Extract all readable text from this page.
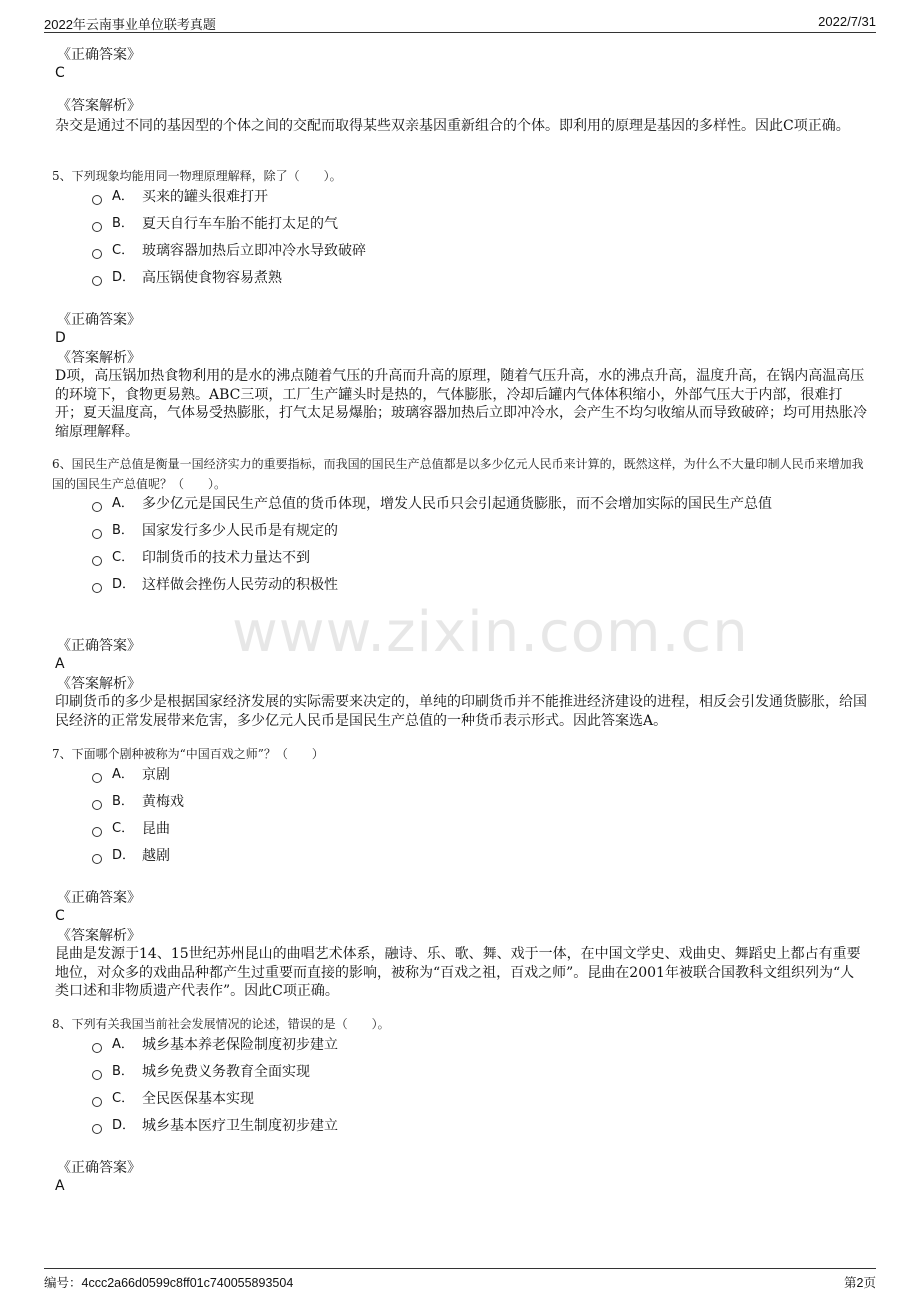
2022年云南事业单位联考真题	2022/7/31
www.zixin.com.cn
《正确答案》
C
《答案解析》
杂交是通过不同的基因型的个体之间的交配而取得某些双亲基因重新组合的个体。即利用的原理是基因的多样性。因此C项正确。
5、下列现象均能用同一物理原理解释，除了（　　）。
A． 买来的罐头很难打开
B． 夏天自行车车胎不能打太足的气
C． 玻璃容器加热后立即冲冷水导致破碎
D． 高压锅使食物容易煮熟
《正确答案》
D
《答案解析》
D项，高压锅加热食物利用的是水的沸点随着气压的升高而升高的原理，随着气压升高，水的沸点升高，温度升高，在锅内高温高压的环境下，食物更易熟。ABC三项，工厂生产罐头时是热的，气体膨胀，冷却后罐内气体体积缩小，外部气压大于内部，很难打开；夏天温度高，气体易受热膨胀，打气太足易爆胎；玻璃容器加热后立即冲冷水，会产生不均匀收缩从而导致破碎；均可用热胀冷缩原理解释。
6、国民生产总值是衡量一国经济实力的重要指标，而我国的国民生产总值都是以多少亿元人民币来计算的，既然这样，为什么不大量印制人民币来增加我国的国民生产总值呢？（　　）。
A． 多少亿元是国民生产总值的货币体现，增发人民币只会引起通货膨胀，而不会增加实际的国民生产总值
B． 国家发行多少人民币是有规定的
C． 印制货币的技术力量达不到
D． 这样做会挫伤人民劳动的积极性
《正确答案》
A
《答案解析》
印刷货币的多少是根据国家经济发展的实际需要来决定的，单纯的印刷货币并不能推进经济建设的进程，相反会引发通货膨胀，给国民经济的正常发展带来危害，多少亿元人民币是国民生产总值的一种货币表示形式。因此答案选A。
7、下面哪个剧种被称为“中国百戏之师”？（　　）
A． 京剧
B． 黄梅戏
C． 昆曲
D． 越剧
《正确答案》
C
《答案解析》
昆曲是发源于14、15世纪苏州昆山的曲唱艺术体系，融诗、乐、歌、舞、戏于一体，在中国文学史、戏曲史、舞蹈史上都占有重要地位，对众多的戏曲品种都产生过重要而直接的影响，被称为“百戏之祖，百戏之师”。昆曲在2001年被联合国教科文组织列为“人类口述和非物质遗产代表作”。因此C项正确。
8、下列有关我国当前社会发展情况的论述，错误的是（　　）。
A． 城乡基本养老保险制度初步建立
B． 城乡免费义务教育全面实现
C． 全民医保基本实现
D． 城乡基本医疗卫生制度初步建立
《正确答案》
A
编号：4ccc2a66d0599c8ff01c740055893504	第2页
